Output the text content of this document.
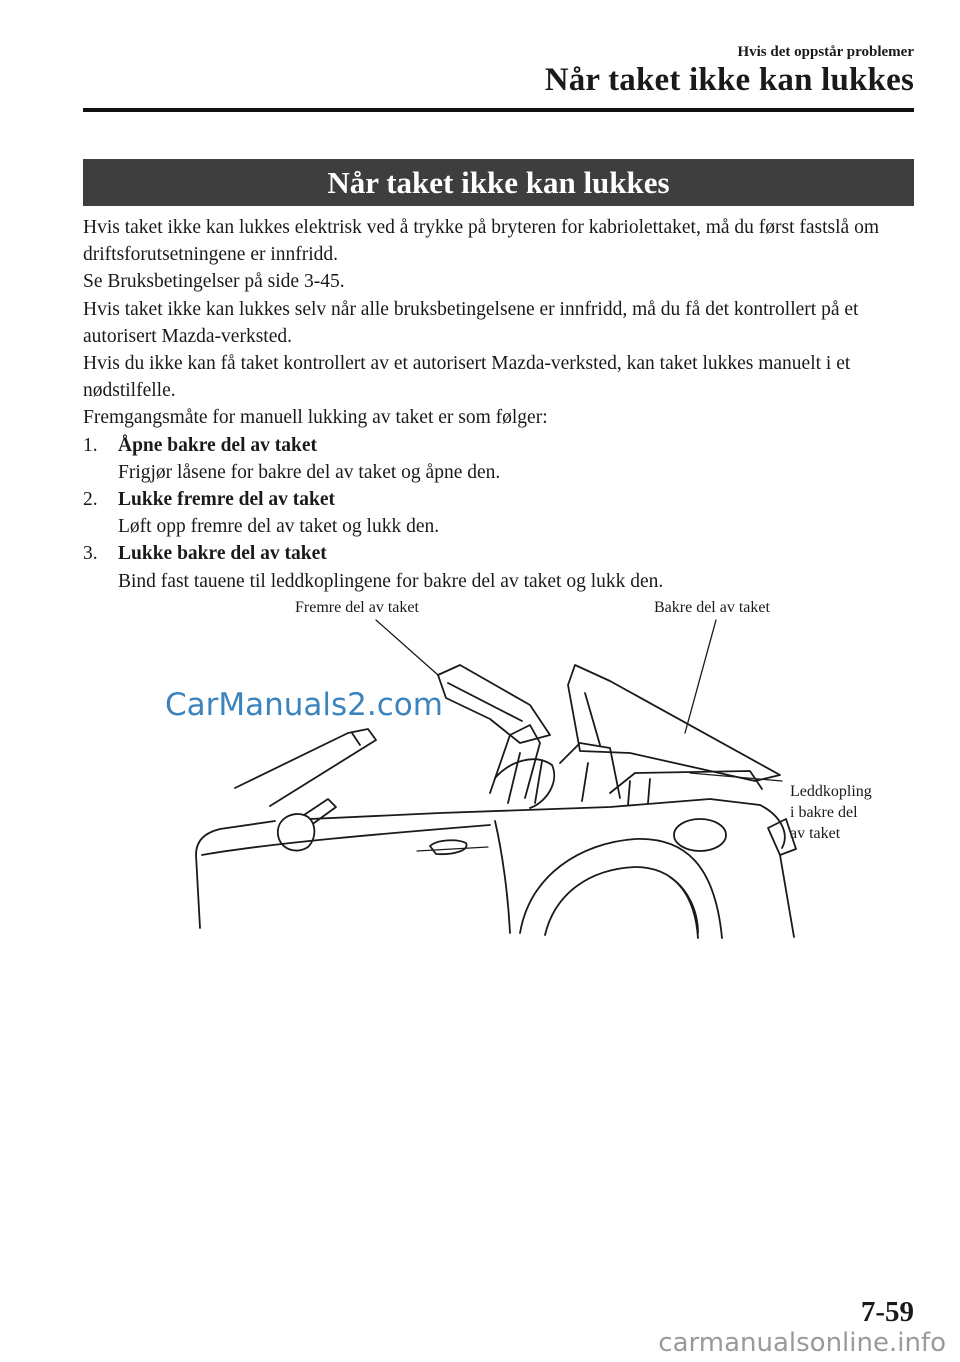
Hvis det oppstår problemer
Når taket ikke kan lukkes
Når taket ikke kan lukkes

Hvis taket ikke kan lukkes elektrisk ved å trykke på bryteren for kabriolettaket, må du først fastslå om driftsforutsetningene er innfridd.

Se Bruksbetingelser på side 3-45.

Hvis taket ikke kan lukkes selv når alle bruksbetingelsene er innfridd, må du få det kontrollert på et autorisert Mazda-verksted.

Hvis du ikke kan få taket kontrollert av et autorisert Mazda-verksted, kan taket lukkes manuelt i et nødstilfelle.

Fremgangsmåte for manuell lukking av taket er som følger:

1. Åpne bakre del av taket
Frigjør låsene for bakre del av taket og åpne den.
2. Lukke fremre del av taket
Løft opp fremre del av taket og lukk den.
3. Lukke bakre del av taket
Bind fast tauene til leddkoplingene for bakre del av taket og lukk den.
Fremre del av taket	Bakre del av taket
Leddkopling
i bakre del
av taket
CarManuals2.com
7-59
carmanualsonline.info
